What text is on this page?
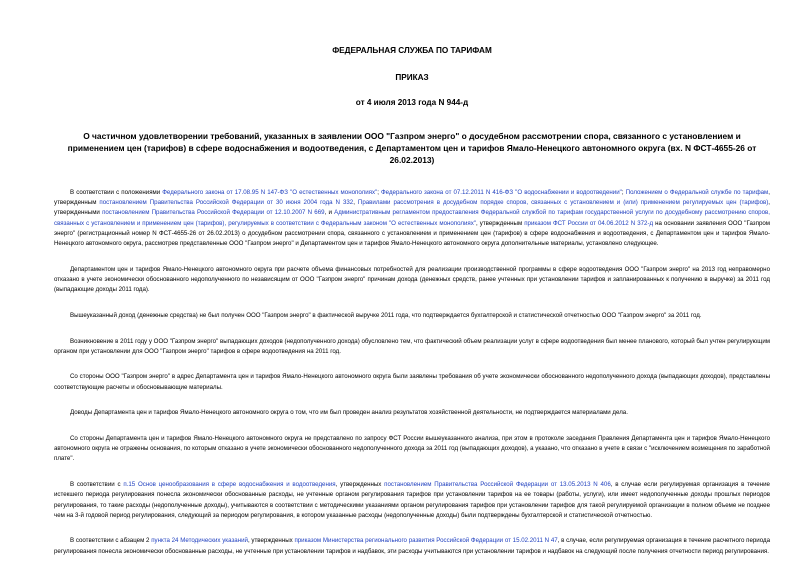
ФЕДЕРАЛЬНАЯ СЛУЖБА ПО ТАРИФАМ
ПРИКАЗ
от 4 июля 2013 года N 944-д
О частичном удовлетворении требований, указанных в заявлении ООО "Газпром энерго" о досудебном рассмотрении спора, связанного с установлением и применением цен (тарифов) в сфере водоснабжения и водоотведения, с Департаментом цен и тарифов Ямало-Ненецкого автономного округа (вх. N ФСТ-4655-26 от 26.02.2013)

В соответствии с положениями Федерального закона от 17.08.95 N 147-ФЗ "О естественных монополиях"; Федерального закона от 07.12.2011 N 416-ФЗ "О водоснабжении и водоотведении"; Положением о Федеральной службе по тарифам, утвержденным постановлением Правительства Российской Федерации от 30 июня 2004 года N 332, Правилами рассмотрения в досудебном порядке споров, связанных с установлением и (или) применением регулируемых цен (тарифов), утвержденными постановлением Правительства Российской Федерации от 12.10.2007 N 669, и Административным регламентом предоставления Федеральной службой по тарифам государственной услуги по досудебному рассмотрению споров, связанных с установлением и применением цен (тарифов), регулируемых в соответствии с Федеральным законом "О естественных монополиях", утвержденным приказом ФСТ России от 04.06.2012 N 372-д на основании заявления ООО "Газпром энерго" (регистрационный номер N ФСТ-4655-26 от 26.02.2013) о досудебном рассмотрении спора, связанного с установлением и применением цен (тарифов) в сфере водоснабжения и водоотведения, с Департаментом цен и тарифов Ямало-Ненецкого автономного округа, рассмотрев представленные ООО "Газпром энерго" и Департаментом цен и тарифов Ямало-Ненецкого автономного округа дополнительные материалы, установлено следующее.

Департаментом цен и тарифов Ямало-Ненецкого автономного округа при расчете объема финансовых потребностей для реализации производственной программы в сфере водоотведения ООО "Газпром энерго" на 2013 год неправомерно отказано в учете экономически обоснованного недополученного по независящим от ООО "Газпром энерго" причинам дохода (денежных средств, ранее учтенных при установлении тарифов и запланированных к получению в выручке) за 2011 год (выпадающие доходы 2011 года).

Вышеуказанный доход (денежные средства) не был получен ООО "Газпром энерго" в фактической выручке 2011 года, что подтверждается бухгалтерской и статистической отчетностью ООО "Газпром энерго" за 2011 год.

Возникновение в 2011 году у ООО "Газпром энерго" выпадающих доходов (недополученного дохода) обусловлено тем, что фактический объем реализации услуг в сфере водоотведения был менее планового, который был учтен регулирующим органом при установлении для ООО "Газпром энерго" тарифов в сфере водоотведения на 2011 год.

Со стороны ООО "Газпром энерго" в адрес Департамента цен и тарифов Ямало-Ненецкого автономного округа были заявлены требования об учете экономически обоснованного недополученного дохода (выпадающих доходов), представлены соответствующие расчеты и обосновывающие материалы.

Доводы Департамента цен и тарифов Ямало-Ненецкого автономного округа о том, что им был проведен анализ результатов хозяйственной деятельности, не подтверждается материалами дела.

Со стороны Департамента цен и тарифов Ямало-Ненецкого автономного округа не представлено по запросу ФСТ России вышеуказанного анализа, при этом в протоколе заседания Правления Департамента цен и тарифов Ямало-Ненецкого автономного округа не отражены основания, по которым отказано в учете экономически обоснованного недополученного дохода за 2011 год (выпадающих доходов), а указано, что отказано в учете в связи с "исключением возмещения по заработной плате".

В соответствии с п.15 Основ ценообразования в сфере водоснабжения и водоотведения, утвержденных постановлением Правительства Российской Федерации от 13.05.2013 N 406, в случае если регулируемая организация в течение истекшего периода регулирования понесла экономически обоснованные расходы, не учтенные органом регулирования тарифов при установлении тарифов на ее товары (работы, услуги), или имеет недополученные доходы прошлых периодов регулирования, то такие расходы (недополученные доходы), учитываются в соответствии с методическими указаниями органом регулирования тарифов при установлении тарифов для такой регулируемой организации в полном объеме не позднее чем на 3-й годовой период регулирования, следующий за периодом регулирования, в котором указанные расходы (недополученные доходы) были подтверждены бухгалтерской и статистической отчетностью.

В соответствии с абзацем 2 пункта 24 Методических указаний, утвержденных приказом Министерства регионального развития Российской Федерации от 15.02.2011 N 47, в случае, если регулируемая организация в течение расчетного периода регулирования понесла экономически обоснованные расходы, не учтенные при установлении тарифов и надбавок, эти расходы учитываются при установлении тарифов и надбавок на следующий после получения отчетности период регулирования.
